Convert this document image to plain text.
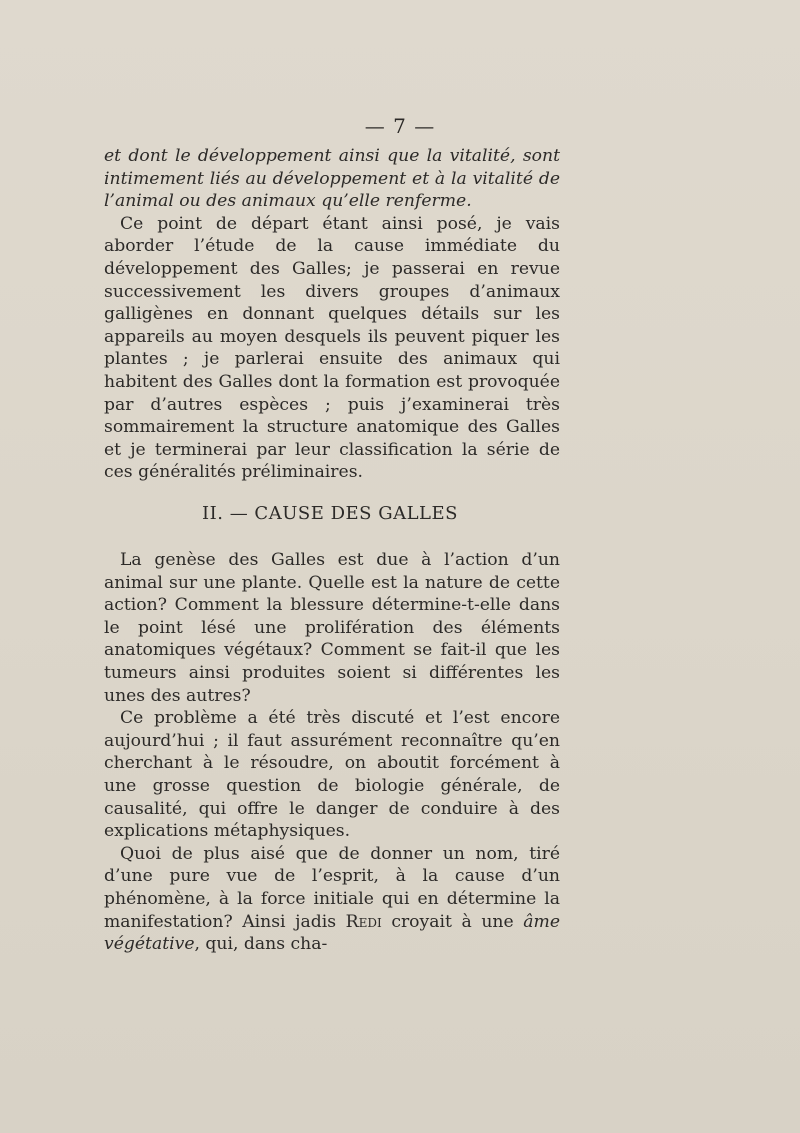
— 7 —

et dont le développement ainsi que la vitalité, sont intimement liés au développement et à la vitalité de l’animal ou des animaux qu’elle renferme.

Ce point de départ étant ainsi posé, je vais aborder l’étude de la cause immédiate du développement des Galles; je passerai en revue successivement les divers groupes d’animaux galligènes en donnant quelques détails sur les appareils au moyen desquels ils peuvent piquer les plantes ; je parlerai ensuite des animaux qui habitent des Galles dont la formation est provoquée par d’autres espèces ; puis j’examinerai très sommairement la structure anatomique des Galles et je terminerai par leur classification la série de ces généralités préliminaires.

II. — CAUSE DES GALLES

La genèse des Galles est due à l’action d’un animal sur une plante. Quelle est la nature de cette action? Comment la blessure détermine-t-elle dans le point lésé une prolifération des éléments anatomiques végétaux? Comment se fait-il que les tumeurs ainsi produites soient si différentes les unes des autres?

Ce problème a été très discuté et l’est encore aujourd’hui ; il faut assurément reconnaître qu’en cherchant à le résoudre, on aboutit forcément à une grosse question de biologie générale, de causalité, qui offre le danger de conduire à des explications métaphysiques.

Quoi de plus aisé que de donner un nom, tiré d’une pure vue de l’esprit, à la cause d’un phénomène, à la force initiale qui en détermine la manifestation? Ainsi jadis Redi croyait à une âme végétative, qui, dans cha-
